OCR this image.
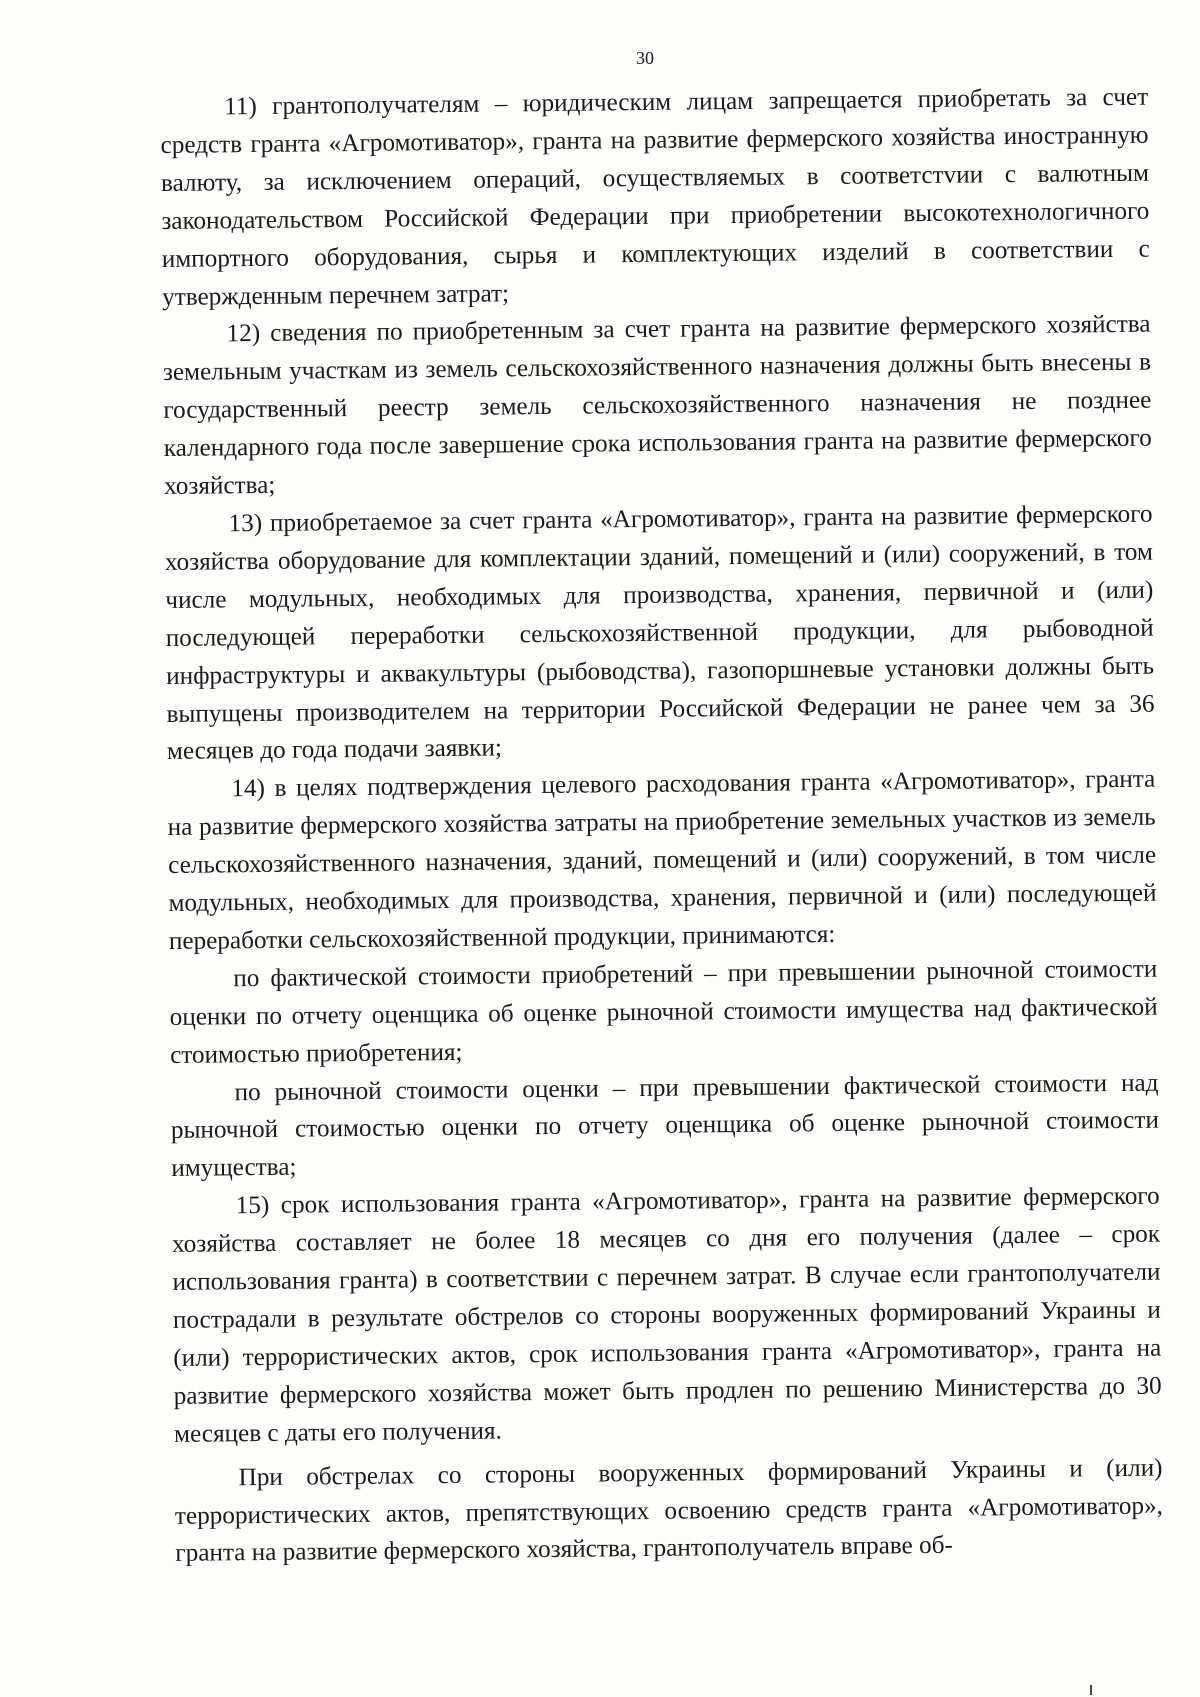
30

11) грантополучателям – юридическим лицам запрещается приобретать за счет средств гранта «Агромотиватор», гранта на развитие фермерского хозяйства иностранную валюту, за исключением операций, осуществляемых в соответстvии с валютным законодательством Российской Федерации при приобретении высокотехнологичного импортного оборудования, сырья и комплектующих изделий в соответствии с утвержденным перечнем затрат;

12) сведения по приобретенным за счет гранта на развитие фермерского хозяйства земельным участкам из земель сельскохозяйственного назначения должны быть внесены в государственный реестр земель сельскохозяйственного назначения не позднее календарного года после завершение срока использования гранта на развитие фермерского хозяйства;

13) приобретаемое за счет гранта «Агромотиватор», гранта на развитие фермерского хозяйства оборудование для комплектации зданий, помещений и (или) сооружений, в том числе модульных, необходимых для производства, хранения, первичной и (или) последующей переработки сельскохозяйственной продукции, для рыбоводной инфраструктуры и аквакультуры (рыбоводства), газопоршневые установки должны быть выпущены производителем на территории Российской Федерации не ранее чем за 36 месяцев до года подачи заявки;

14) в целях подтверждения целевого расходования гранта «Агромотиватор», гранта на развитие фермерского хозяйства затраты на приобретение земельных участков из земель сельскохозяйственного назначения, зданий, помещений и (или) сооружений, в том числе модульных, необходимых для производства, хранения, первичной и (или) последующей переработки сельскохозяйственной продукции, принимаются:

по фактической стоимости приобретений – при превышении рыночной стоимости оценки по отчету оценщика об оценке рыночной стоимости имущества над фактической стоимостью приобретения;

по рыночной стоимости оценки – при превышении фактической стоимости над рыночной стоимостью оценки по отчету оценщика об оценке рыночной стоимости имущества;

15) срок использования гранта «Агромотиватор», гранта на развитие фермерского хозяйства составляет не более 18 месяцев со дня его получения (далее – срок использования гранта) в соответствии с перечнем затрат. В случае если грантополучатели пострадали в результате обстрелов со стороны вооруженных формирований Украины и (или) террористических актов, срок использования гранта «Агромотиватор», гранта на развитие фермерского хозяйства может быть продлен по решению Министерства до 30 месяцев с даты его получения.

При обстрелах со стороны вооруженных формирований Украины и (или) террористических актов, препятствующих освоению средств гранта «Агромотиватор», гранта на развитие фермерского хозяйства, грантополучатель вправе об-
